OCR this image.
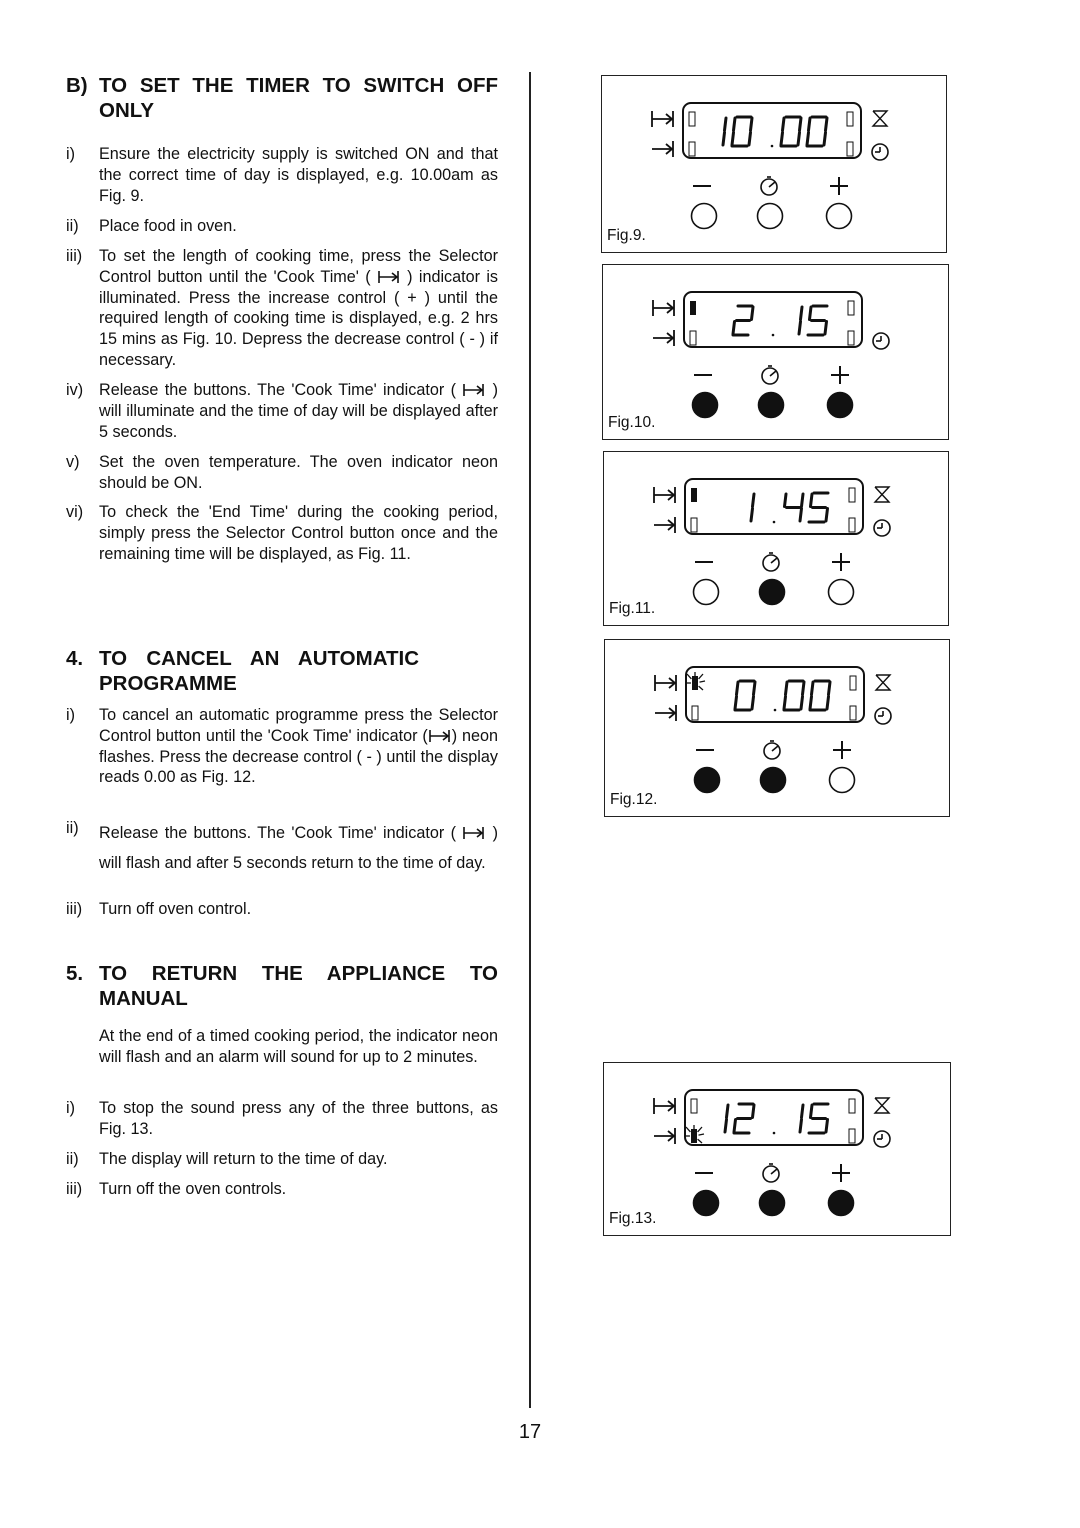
B) TO SET THE TIMER TO SWITCH OFF
ONLY
i) Ensure the electricity supply is switched ON and that the correct time of day is displayed, e.g. 10.00am as Fig. 9.
ii) Place food in oven.
iii) To set the length of cooking time, press the Selector Control button until the 'Cook Time' ( ) indicator is illuminated. Press the increase control ( + ) until the required length of cooking time is displayed, e.g. 2 hrs 15 mins as Fig. 10. Depress the decrease control ( - ) if necessary.
iv) Release the buttons. The 'Cook Time' indicator ( ) will illuminate and the time of day will be displayed after 5 seconds.
v) Set the oven temperature. The oven indicator neon should be ON.
vi) To check the 'End Time' during the cooking period, simply press the Selector Control button once and the remaining time will be displayed, as Fig. 11.
4. TO CANCEL AN AUTOMATIC
PROGRAMME
i) To cancel an automatic programme press the Selector Control button until the 'Cook Time' indicator ( ) neon flashes. Press the decrease control ( - ) until the display reads 0.00 as Fig. 12.
ii) Release the buttons. The 'Cook Time' indicator ( ) will flash and after 5 seconds return to the time of day.
iii) Turn off oven control.
5. TO RETURN THE APPLIANCE TO
MANUAL
At the end of a timed cooking period, the indicator neon will flash and an alarm will sound for up to 2 minutes.
i) To stop the sound press any of the three buttons, as Fig. 13.
ii) The display will return to the time of day.
iii) Turn off the oven controls.
Fig.9.
Fig.10.
Fig.11.
Fig.12.
Fig.13.
17
